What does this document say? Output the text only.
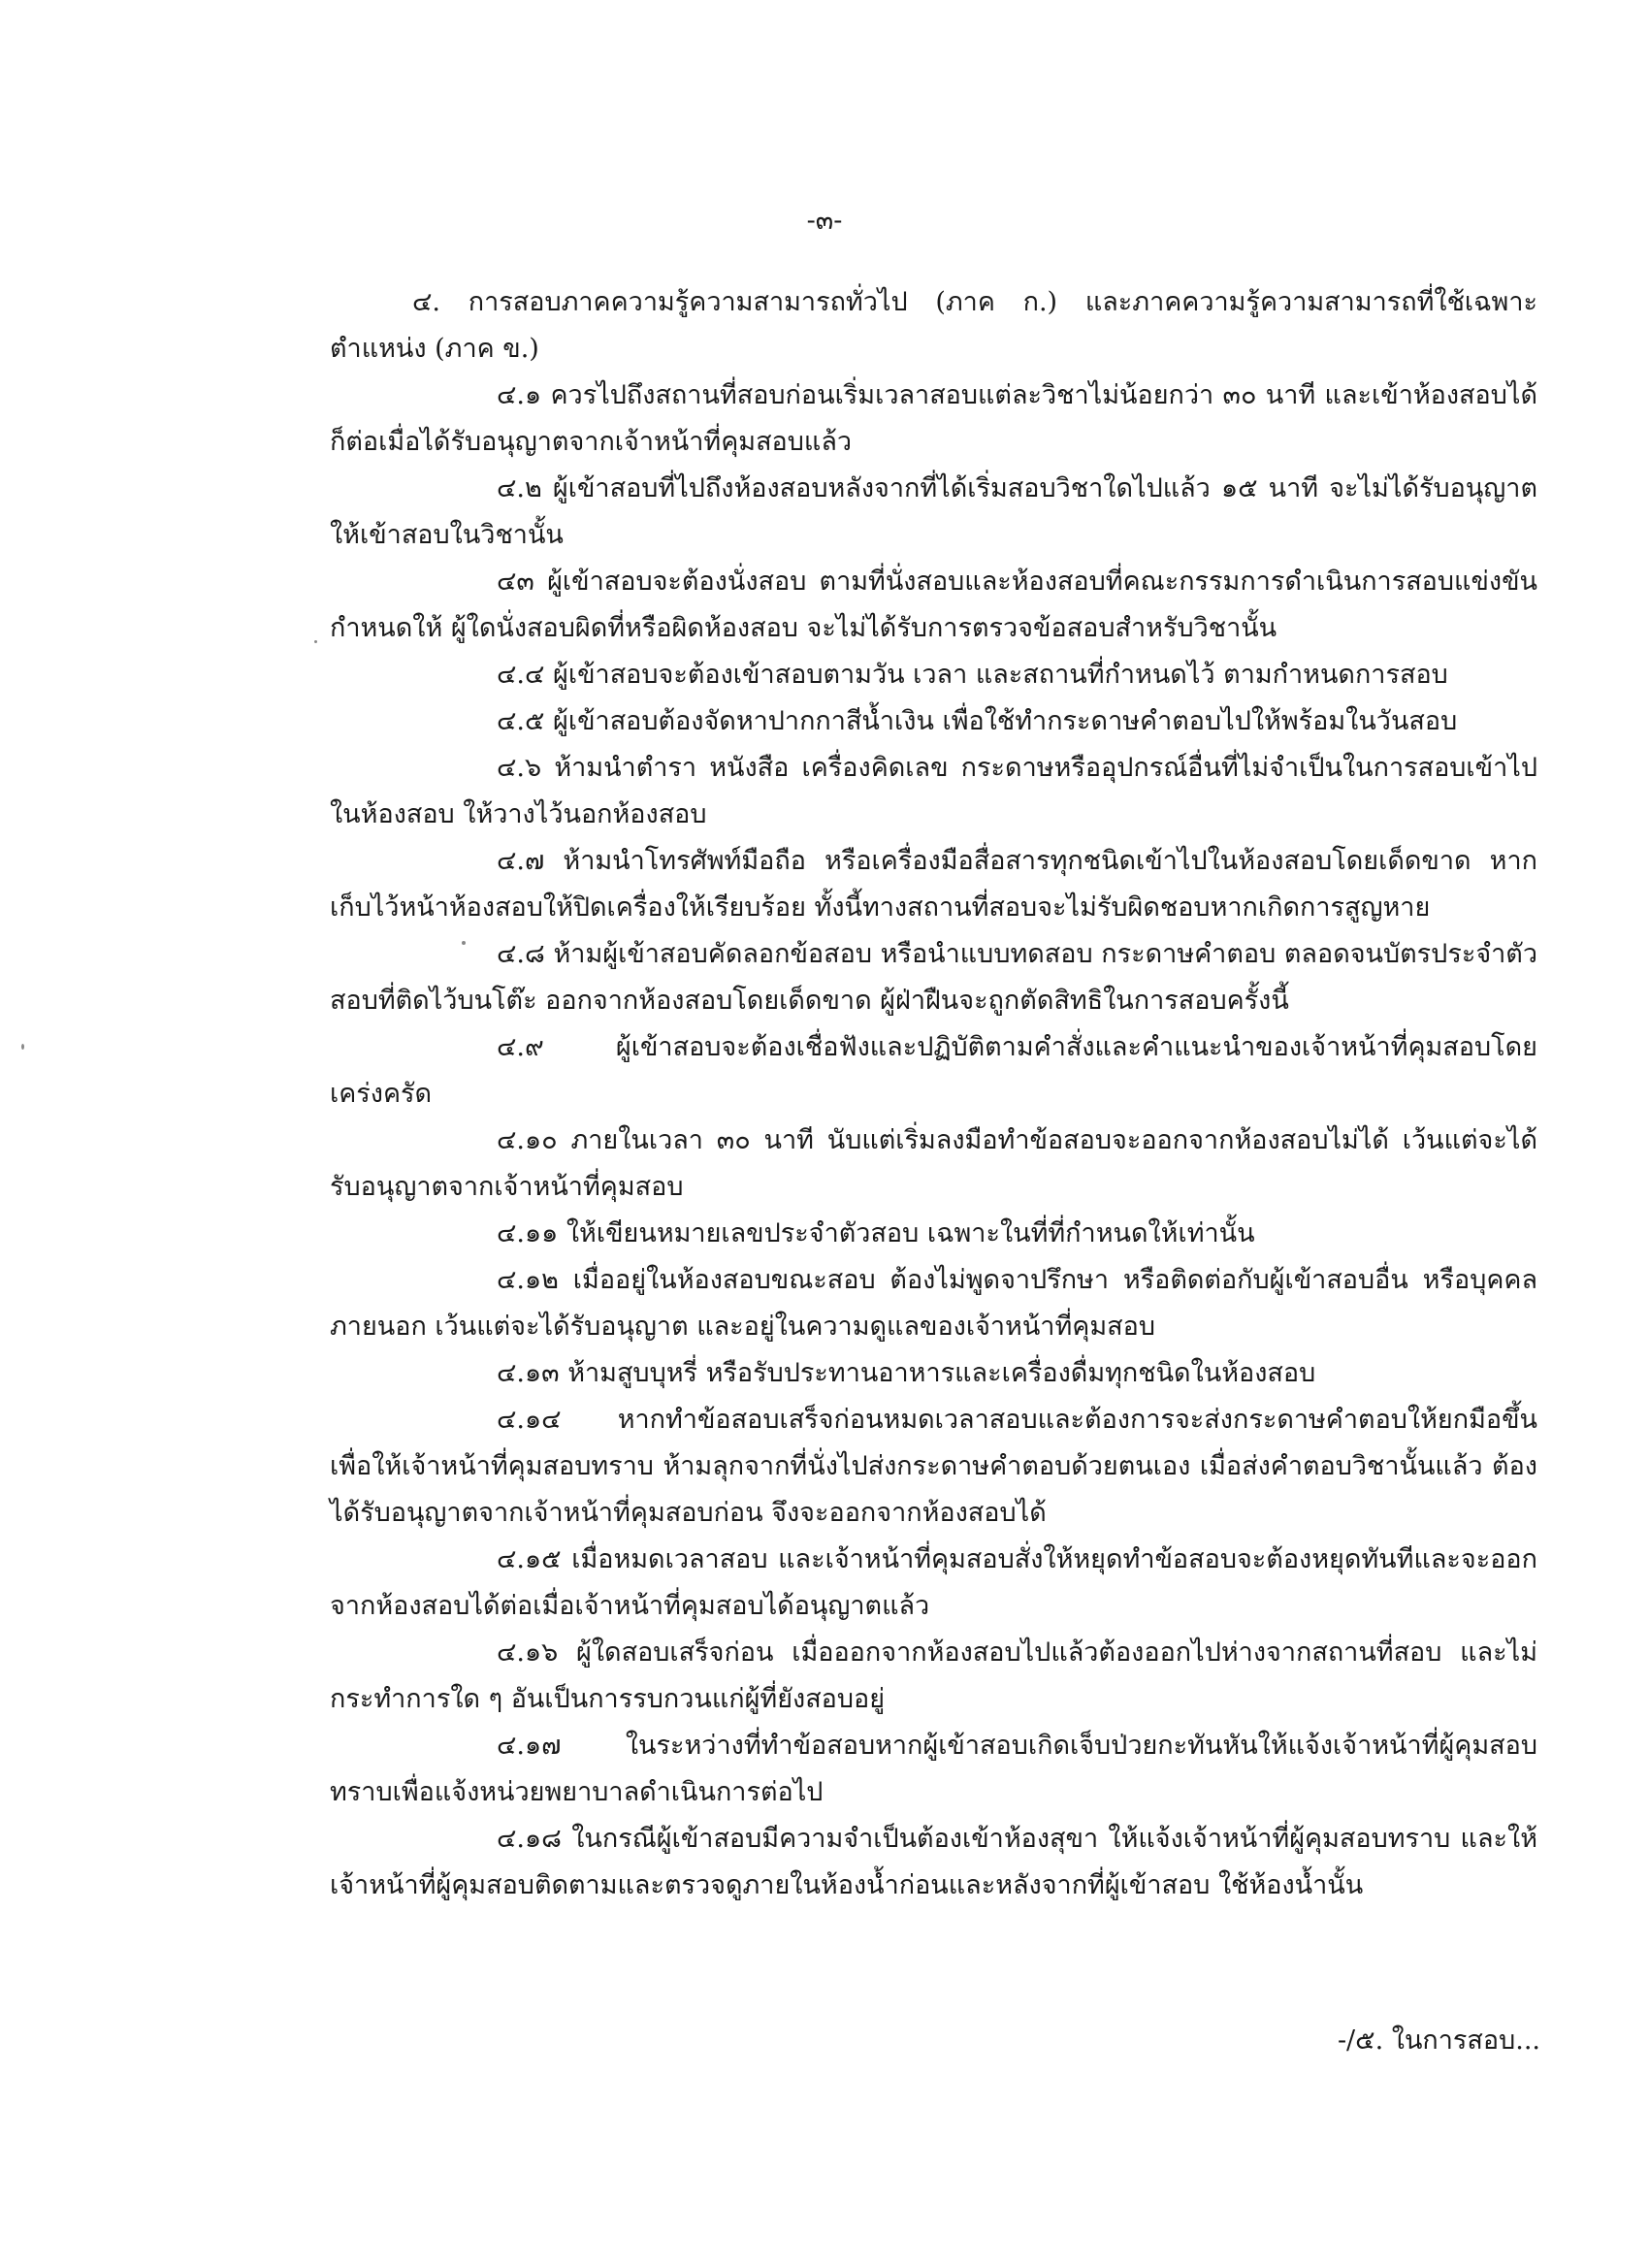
-๓-

๔. การสอบภาคความรู้ความสามารถทั่วไป (ภาค ก.) และภาคความรู้ความสามารถที่ใช้เฉพาะตำแหน่ง (ภาค ข.)

๔.๑ ควรไปถึงสถานที่สอบก่อนเริ่มเวลาสอบแต่ละวิชาไม่น้อยกว่า ๓๐ นาที และเข้าห้องสอบได้ก็ต่อเมื่อได้รับอนุญาตจากเจ้าหน้าที่คุมสอบแล้ว

๔.๒ ผู้เข้าสอบที่ไปถึงห้องสอบหลังจากที่ได้เริ่มสอบวิชาใดไปแล้ว ๑๕ นาที จะไม่ได้รับอนุญาตให้เข้าสอบในวิชานั้น

๔๓ ผู้เข้าสอบจะต้องนั่งสอบ ตามที่นั่งสอบและห้องสอบที่คณะกรรมการดำเนินการสอบแข่งขันกำหนดให้ ผู้ใดนั่งสอบผิดที่หรือผิดห้องสอบ จะไม่ได้รับการตรวจข้อสอบสำหรับวิชานั้น

๔.๔ ผู้เข้าสอบจะต้องเข้าสอบตามวัน เวลา และสถานที่กำหนดไว้ ตามกำหนดการสอบ

๔.๕ ผู้เข้าสอบต้องจัดหาปากกาสีน้ำเงิน เพื่อใช้ทำกระดาษคำตอบไปให้พร้อมในวันสอบ

๔.๖ ห้ามนำตำรา หนังสือ เครื่องคิดเลข กระดาษหรืออุปกรณ์อื่นที่ไม่จำเป็นในการสอบเข้าไปในห้องสอบ ให้วางไว้นอกห้องสอบ

๔.๗ ห้ามนำโทรศัพท์มือถือ หรือเครื่องมือสื่อสารทุกชนิดเข้าไปในห้องสอบโดยเด็ดขาด หากเก็บไว้หน้าห้องสอบให้ปิดเครื่องให้เรียบร้อย ทั้งนี้ทางสถานที่สอบจะไม่รับผิดชอบหากเกิดการสูญหาย

๔.๘ ห้ามผู้เข้าสอบคัดลอกข้อสอบ หรือนำแบบทดสอบ กระดาษคำตอบ ตลอดจนบัตรประจำตัวสอบที่ติดไว้บนโต๊ะ ออกจากห้องสอบโดยเด็ดขาด ผู้ฝ่าฝืนจะถูกตัดสิทธิในการสอบครั้งนี้

๔.๙ ผู้เข้าสอบจะต้องเชื่อฟังและปฏิบัติตามคำสั่งและคำแนะนำของเจ้าหน้าที่คุมสอบโดยเคร่งครัด

๔.๑๐ ภายในเวลา ๓๐ นาที นับแต่เริ่มลงมือทำข้อสอบจะออกจากห้องสอบไม่ได้ เว้นแต่จะได้รับอนุญาตจากเจ้าหน้าที่คุมสอบ

๔.๑๑ ให้เขียนหมายเลขประจำตัวสอบ เฉพาะในที่ที่กำหนดให้เท่านั้น

๔.๑๒ เมื่ออยู่ในห้องสอบขณะสอบ ต้องไม่พูดจาปรึกษา หรือติดต่อกับผู้เข้าสอบอื่น หรือบุคคลภายนอก เว้นแต่จะได้รับอนุญาต และอยู่ในความดูแลของเจ้าหน้าที่คุมสอบ

๔.๑๓ ห้ามสูบบุหรี่ หรือรับประทานอาหารและเครื่องดื่มทุกชนิดในห้องสอบ

๔.๑๔ หากทำข้อสอบเสร็จก่อนหมดเวลาสอบและต้องการจะส่งกระดาษคำตอบให้ยกมือขึ้น เพื่อให้เจ้าหน้าที่คุมสอบทราบ ห้ามลุกจากที่นั่งไปส่งกระดาษคำตอบด้วยตนเอง เมื่อส่งคำตอบวิชานั้นแล้ว ต้องได้รับอนุญาตจากเจ้าหน้าที่คุมสอบก่อน จึงจะออกจากห้องสอบได้

๔.๑๕ เมื่อหมดเวลาสอบ และเจ้าหน้าที่คุมสอบสั่งให้หยุดทำข้อสอบจะต้องหยุดทันทีและจะออกจากห้องสอบได้ต่อเมื่อเจ้าหน้าที่คุมสอบได้อนุญาตแล้ว

๔.๑๖ ผู้ใดสอบเสร็จก่อน เมื่อออกจากห้องสอบไปแล้วต้องออกไปห่างจากสถานที่สอบ และไม่กระทำการใด ๆ อันเป็นการรบกวนแก่ผู้ที่ยังสอบอยู่

๔.๑๗ ในระหว่างที่ทำข้อสอบหากผู้เข้าสอบเกิดเจ็บป่วยกะทันหันให้แจ้งเจ้าหน้าที่ผู้คุมสอบทราบเพื่อแจ้งหน่วยพยาบาลดำเนินการต่อไป

๔.๑๘ ในกรณีผู้เข้าสอบมีความจำเป็นต้องเข้าห้องสุขา ให้แจ้งเจ้าหน้าที่ผู้คุมสอบทราบ และให้เจ้าหน้าที่ผู้คุมสอบติดตามและตรวจดูภายในห้องน้ำก่อนและหลังจากที่ผู้เข้าสอบ ใช้ห้องน้ำนั้น

-/๕. ในการสอบ...
